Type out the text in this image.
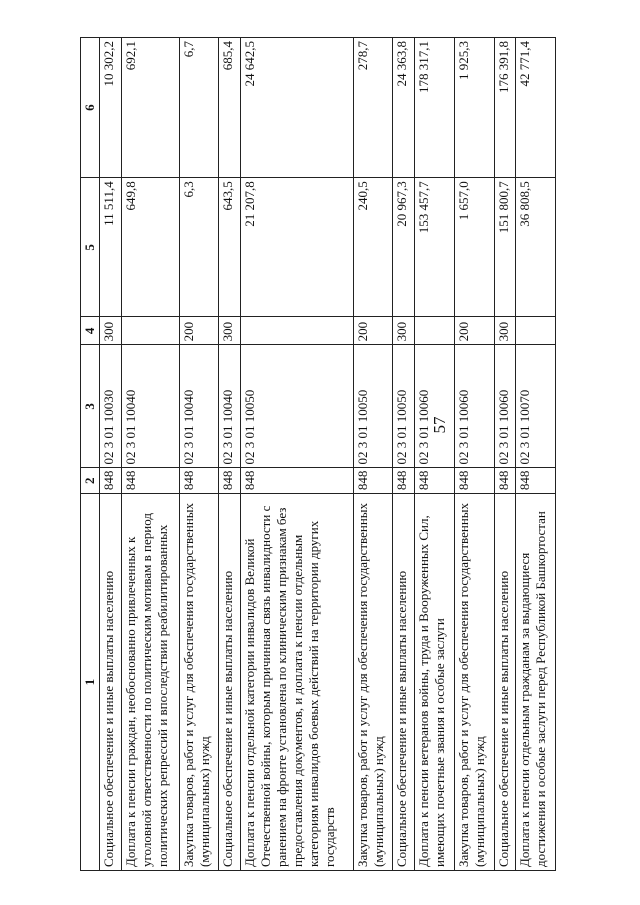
57
1	2	3	4	5	6
Социальное обеспечение и иные выплаты населению	848	02 3 01 10030	300	11 511,4	10 302,2
Доплата к пенсии граждан, необоснованно привлеченных к уголовной ответственности по политическим мотивам в период политических репрессий и впоследствии реабилитированных	848	02 3 01 10040		649,8	692,1
Закупка товаров, работ и услуг для обеспечения государственных (муниципальных) нужд	848	02 3 01 10040	200	6,3	6,7
Социальное обеспечение и иные выплаты населению	848	02 3 01 10040	300	643,5	685,4
Доплата к пенсии отдельной категории инвалидов Великой Отечественной войны, которым причинная связь инвалидности с ранением на фронте установлена по клиническим признакам без предоставления документов, и доплата к пенсии отдельным категориям инвалидов боевых действий на территории других государств	848	02 3 01 10050		21 207,8	24 642,5
Закупка товаров, работ и услуг для обеспечения государственных (муниципальных) нужд	848	02 3 01 10050	200	240,5	278,7
Социальное обеспечение и иные выплаты населению	848	02 3 01 10050	300	20 967,3	24 363,8
Доплата к пенсии ветеранов войны, труда и Вооруженных Сил, имеющих почетные звания и особые заслуги	848	02 3 01 10060		153 457,7	178 317,1
Закупка товаров, работ и услуг для обеспечения государственных (муниципальных) нужд	848	02 3 01 10060	200	1 657,0	1 925,3
Социальное обеспечение и иные выплаты населению	848	02 3 01 10060	300	151 800,7	176 391,8
Доплата к пенсии отдельным гражданам за выдающиеся достижения и особые заслуги перед Республикой Башкортостан	848	02 3 01 10070		36 808,5	42 771,4
